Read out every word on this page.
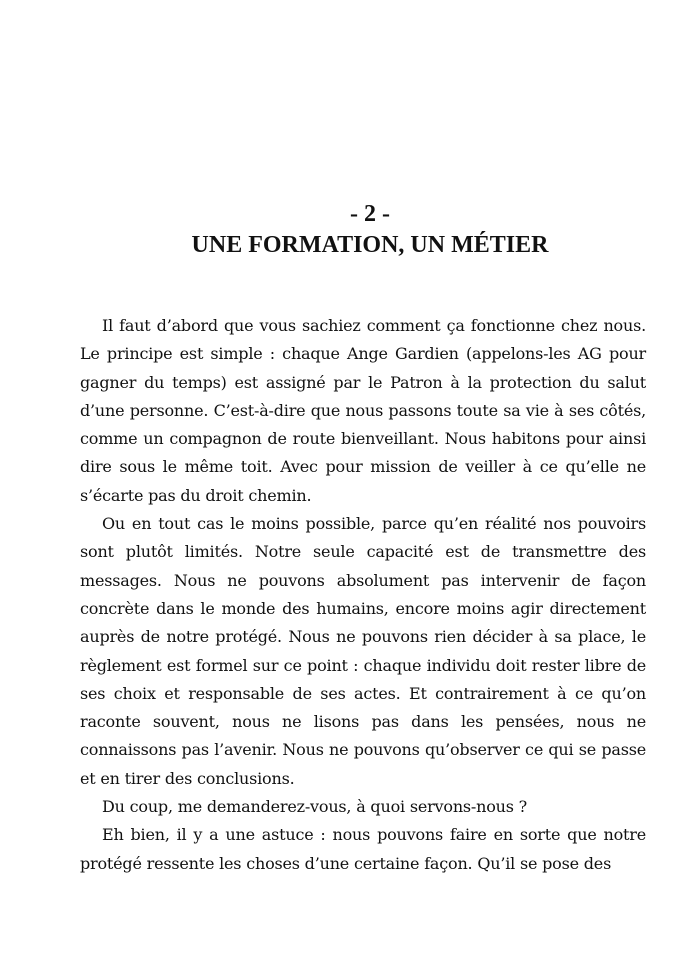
- 2 -
UNE FORMATION, UN MÉTIER

Il faut d’abord que vous sachiez comment ça fonctionne chez nous. Le principe est simple : chaque Ange Gardien (appelons-les AG pour gagner du temps) est assigné par le Patron à la protection du salut d’une personne. C’est-à-dire que nous passons toute sa vie à ses côtés, comme un compagnon de route bienveillant. Nous habitons pour ainsi dire sous le même toit. Avec pour mission de veiller à ce qu’elle ne s’écarte pas du droit chemin.

Ou en tout cas le moins possible, parce qu’en réalité nos pouvoirs sont plutôt limités. Notre seule capacité est de transmettre des messages. Nous ne pouvons absolument pas intervenir de façon concrète dans le monde des humains, encore moins agir directement auprès de notre protégé. Nous ne pouvons rien décider à sa place, le règlement est formel sur ce point : chaque individu doit rester libre de ses choix et responsable de ses actes. Et contrairement à ce qu’on raconte souvent, nous ne lisons pas dans les pensées, nous ne connaissons pas l’avenir. Nous ne pouvons qu’observer ce qui se passe et en tirer des conclusions.

Du coup, me demanderez-vous, à quoi servons-nous ?

Eh bien, il y a une astuce : nous pouvons faire en sorte que notre protégé ressente les choses d’une certaine façon. Qu’il se pose des
